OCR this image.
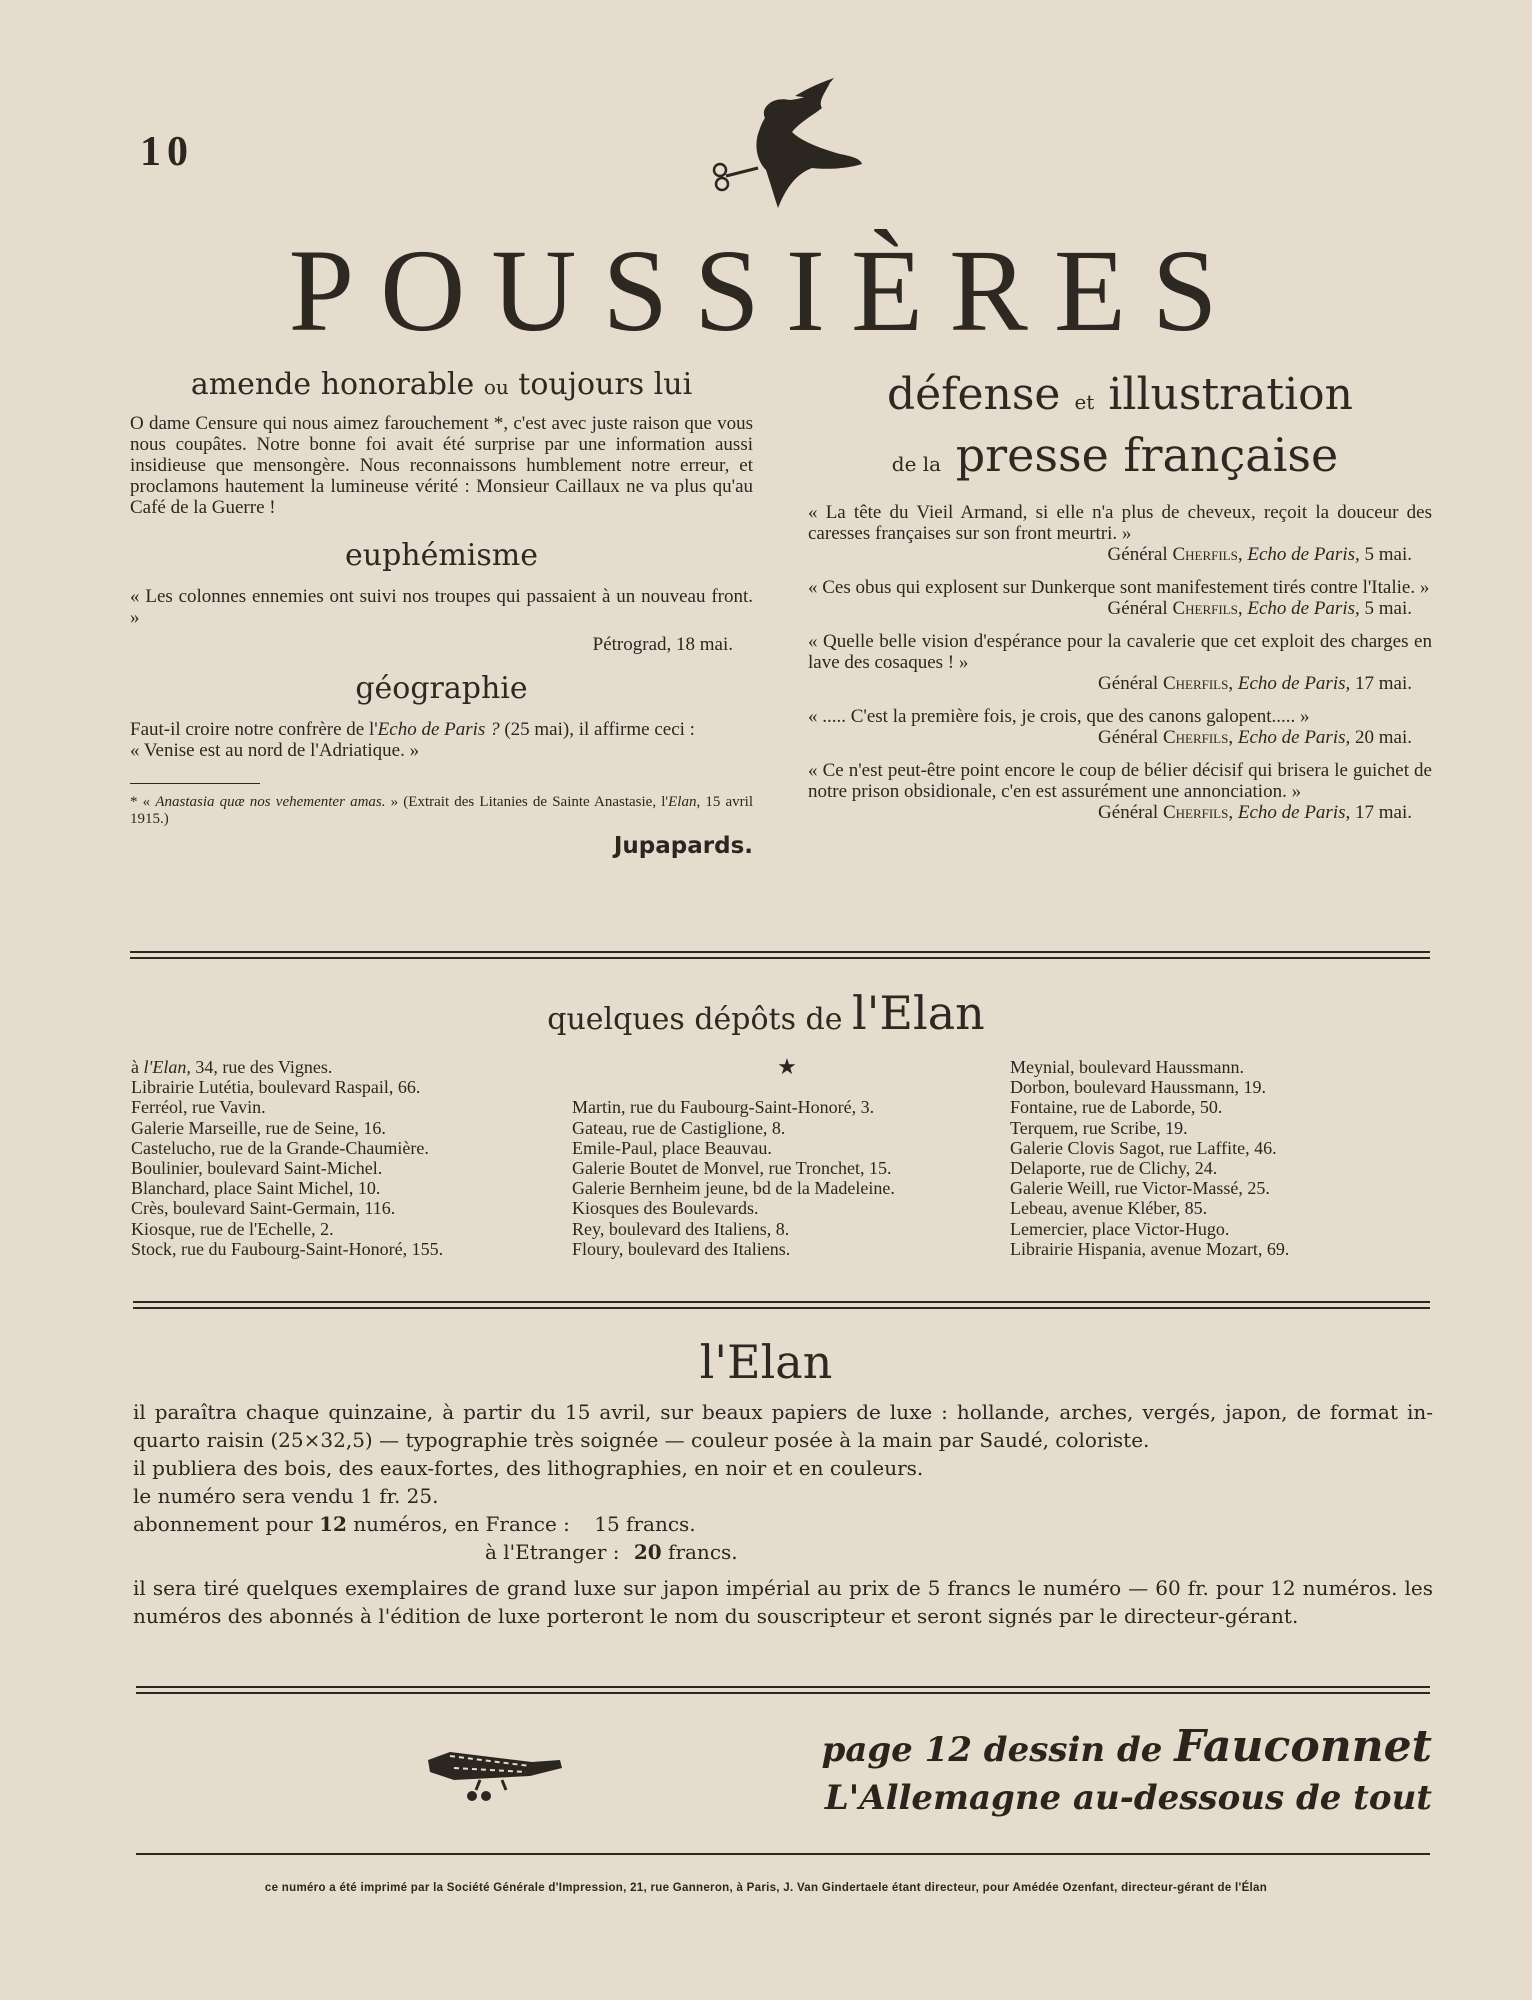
10
POUSSIÈRES
amende honorable ou toujours lui

O dame Censure qui nous aimez farouchement *, c'est avec juste raison que vous nous coupâtes. Notre bonne foi avait été surprise par une information aussi insidieuse que mensongère. Nous reconnaissons humblement notre erreur, et proclamons hautement la lumineuse vérité : Monsieur Caillaux ne va plus qu'au Café de la Guerre !

euphémisme

« Les colonnes ennemies ont suivi nos troupes qui passaient à un nouveau front. »

Pétrograd, 18 mai.
géographie

Faut-il croire notre confrère de l'Echo de Paris ? (25 mai), il affirme ceci :
« Venise est au nord de l'Adriatique. »

* « Anastasia quæ nos vehementer amas. » (Extrait des Litanies de Sainte Anastasie, l'Elan, 15 avril 1915.)

Jupapards.
défense et illustration
de la presse française

« La tête du Vieil Armand, si elle n'a plus de cheveux, reçoit la douceur des caresses françaises sur son front meurtri. »

Général Cherfils, Echo de Paris, 5 mai.

« Ces obus qui explosent sur Dunkerque sont manifestement tirés contre l'Italie. »

Général Cherfils, Echo de Paris, 5 mai.

« Quelle belle vision d'espérance pour la cavalerie que cet exploit des charges en lave des cosaques ! »

Général Cherfils, Echo de Paris, 17 mai.

« ..... C'est la première fois, je crois, que des canons galopent..... »

Général Cherfils, Echo de Paris, 20 mai.

« Ce n'est peut-être point encore le coup de bélier décisif qui brisera le guichet de notre prison obsidionale, c'en est assurément une annonciation. »

Général Cherfils, Echo de Paris, 17 mai.
quelques dépôts de l'Elan
à l'Elan, 34, rue des Vignes.
Librairie Lutétia, boulevard Raspail, 66.
Ferréol, rue Vavin.
Galerie Marseille, rue de Seine, 16.
Castelucho, rue de la Grande-Chaumière.
Boulinier, boulevard Saint-Michel.
Blanchard, place Saint Michel, 10.
Crès, boulevard Saint-Germain, 116.
Kiosque, rue de l'Echelle, 2.
Stock, rue du Faubourg-Saint-Honoré, 155.
★
Martin, rue du Faubourg-Saint-Honoré, 3.
Gateau, rue de Castiglione, 8.
Emile-Paul, place Beauvau.
Galerie Boutet de Monvel, rue Tronchet, 15.
Galerie Bernheim jeune, bd de la Madeleine.
Kiosques des Boulevards.
Rey, boulevard des Italiens, 8.
Floury, boulevard des Italiens.
Meynial, boulevard Haussmann.
Dorbon, boulevard Haussmann, 19.
Fontaine, rue de Laborde, 50.
Terquem, rue Scribe, 19.
Galerie Clovis Sagot, rue Laffite, 46.
Delaporte, rue de Clichy, 24.
Galerie Weill, rue Victor-Massé, 25.
Lebeau, avenue Kléber, 85.
Lemercier, place Victor-Hugo.
Librairie Hispania, avenue Mozart, 69.
l'Elan

il paraîtra chaque quinzaine, à partir du 15 avril, sur beaux papiers de luxe : hollande, arches, vergés, japon, de format in-quarto raisin (25×32,5) — typographie très soignée — couleur posée à la main par Saudé, coloriste.

il publiera des bois, des eaux-fortes, des lithographies, en noir et en couleurs.
le numéro sera vendu 1 fr. 25.
abonnement pour 12 numéros, en France : 15 francs.
à l'Etranger : 20 francs.

il sera tiré quelques exemplaires de grand luxe sur japon impérial au prix de 5 francs le numéro — 60 fr. pour 12 numéros. les numéros des abonnés à l'édition de luxe porteront le nom du souscripteur et seront signés par le directeur-gérant.

page 12 dessin de Fauconnet
L'Allemagne au-dessous de tout
ce numéro a été imprimé par la Société Générale d'Impression, 21, rue Ganneron, à Paris, J. Van Gindertaele étant directeur, pour Amédée Ozenfant, directeur-gérant de l'Élan
